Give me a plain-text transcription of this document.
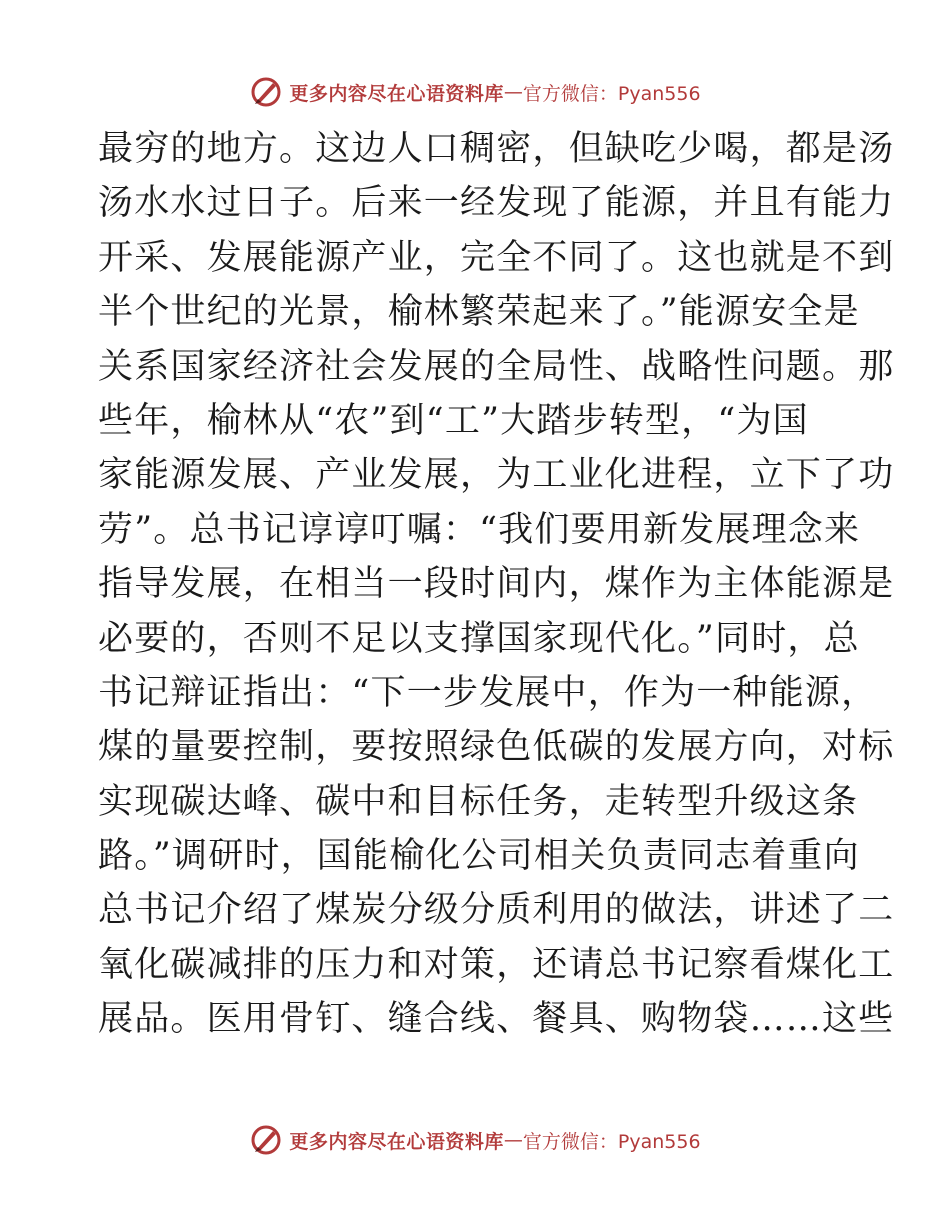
更多内容尽在心语资料库 — 官方微信：Pyan556
最穷的地方。这边人口稠密，但缺吃少喝，都是汤
汤水水过日子。后来一经发现了能源，并且有能力
开采、发展能源产业，完全不同了。这也就是不到
半个世纪的光景，榆林繁荣起来了。”能源安全是
关系国家经济社会发展的全局性、战略性问题。那
些年，榆林从“农”到“工”大踏步转型，“为国
家能源发展、产业发展，为工业化进程，立下了功
劳”。总书记谆谆叮嘱：“我们要用新发展理念来
指导发展，在相当一段时间内，煤作为主体能源是
必要的，否则不足以支撑国家现代化。”同时，总
书记辩证指出：“下一步发展中，作为一种能源，
煤的量要控制，要按照绿色低碳的发展方向，对标
实现碳达峰、碳中和目标任务，走转型升级这条
路。”调研时，国能榆化公司相关负责同志着重向
总书记介绍了煤炭分级分质利用的做法，讲述了二
氧化碳减排的压力和对策，还请总书记察看煤化工
展品。医用骨钉、缝合线、餐具、购物袋……这些
更多内容尽在心语资料库 — 官方微信：Pyan556
